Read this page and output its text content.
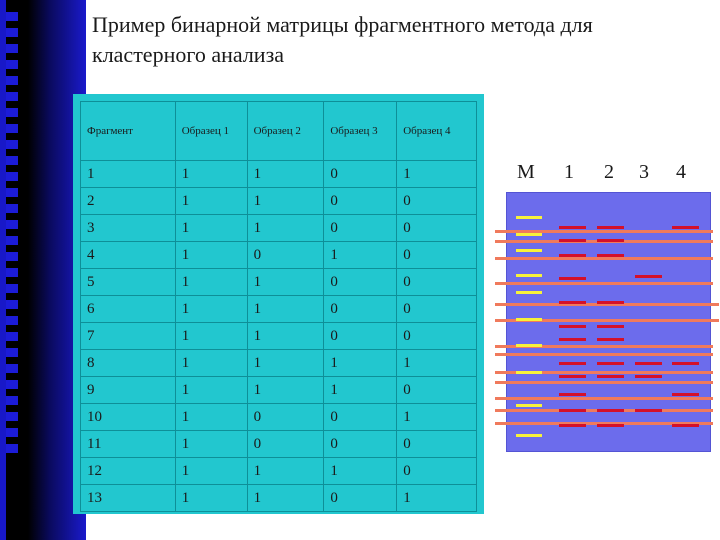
Пример бинарной матрицы фрагментного метода для кластерного анализа
Фрагмент	Образец 1	Образец 2	Образец 3	Образец 4
1	1	1	0	1
2	1	1	0	0
3	1	1	0	0
4	1	0	1	0
5	1	1	0	0
6	1	1	0	0
7	1	1	0	0
8	1	1	1	1
9	1	1	1	0
10	1	0	0	1
11	1	0	0	0
12	1	1	1	0
13	1	1	0	1
M 1 2 3 4
